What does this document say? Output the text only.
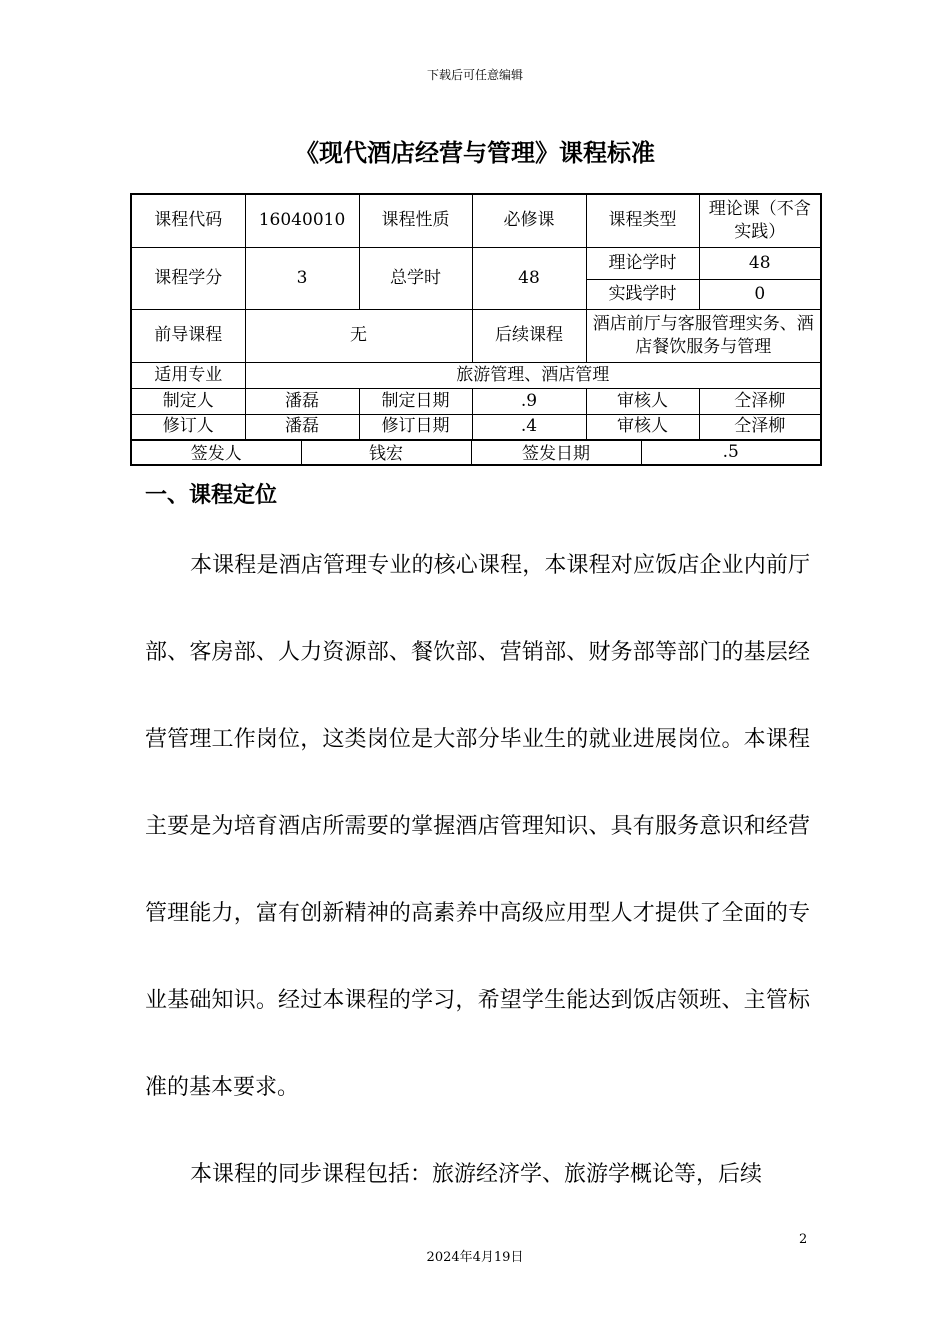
下载后可任意编辑
《现代酒店经营与管理》课程标准
课程代码	16040010	课程性质	必修课	课程类型	理论课（不含实践）
课程学分	3	总学时	48	理论学时	48
				实践学时	0
前导课程	无		后续课程	酒店前厅与客服管理实务、酒店餐饮服务与管理	
适用专业	旅游管理、酒店管理				
制定人	潘磊	制定日期	.9	审核人	仝泽柳
修订人	潘磊	修订日期	.4	审核人	仝泽柳
签发人	钱宏	签发日期	.5
一、课程定位

本课程是酒店管理专业的核心课程，本课程对应饭店企业内前厅部、客房部、人力资源部、餐饮部、营销部、财务部等部门的基层经营管理工作岗位，这类岗位是大部分毕业生的就业进展岗位。本课程主要是为培育酒店所需要的掌握酒店管理知识、具有服务意识和经营管理能力，富有创新精神的高素养中高级应用型人才提供了全面的专业基础知识。经过本课程的学习，希望学生能达到饭店领班、主管标准的基本要求。

本课程的同步课程包括：旅游经济学、旅游学概论等，后续

2
2024年4月19日
